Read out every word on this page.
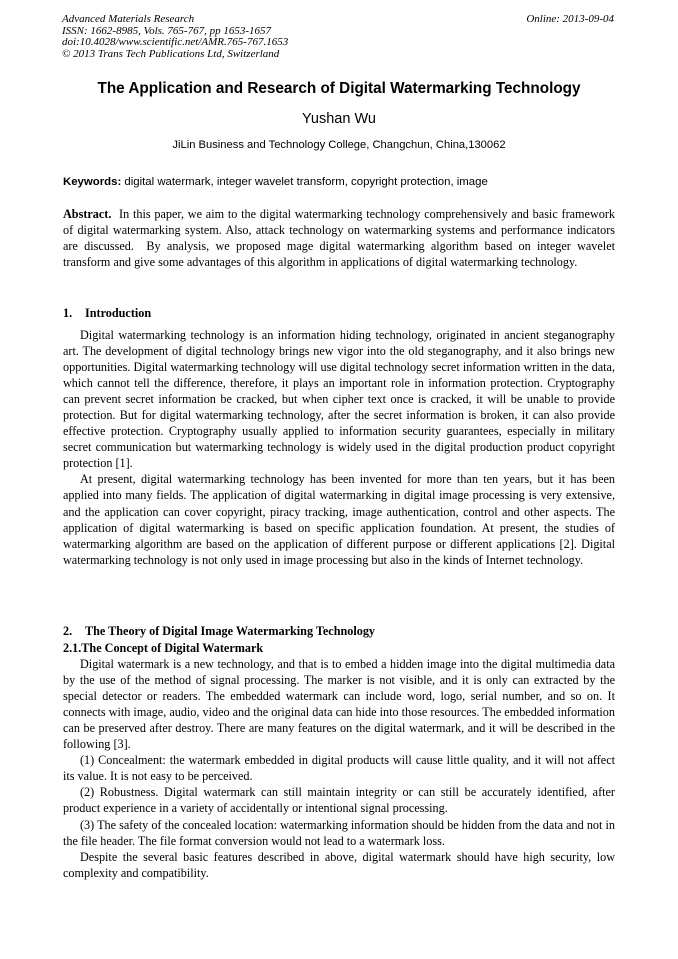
Advanced Materials Research
ISSN: 1662-8985, Vols. 765-767, pp 1653-1657
doi:10.4028/www.scientific.net/AMR.765-767.1653
© 2013 Trans Tech Publications Ltd, Switzerland
Online: 2013-09-04
The Application and Research of Digital Watermarking Technology
Yushan Wu
JiLin Business and Technology College, Changchun, China,130062
Keywords: digital watermark, integer wavelet transform, copyright protection, image

Abstract.  In this paper, we aim to the digital watermarking technology comprehensively and basic framework of digital watermarking system. Also, attack technology on watermarking systems and performance indicators are discussed.  By analysis, we proposed mage digital watermarking algorithm based on integer wavelet transform and give some advantages of this algorithm in applications of digital watermarking technology.

1. Introduction

Digital watermarking technology is an information hiding technology, originated in ancient steganography art. The development of digital technology brings new vigor into the old steganography, and it also brings new opportunities. Digital watermarking technology will use digital technology secret information written in the data, which cannot tell the difference, therefore, it plays an important role in information protection. Cryptography can prevent secret information be cracked, but when cipher text once is cracked, it will be unable to provide protection. But for digital watermarking technology, after the secret information is broken, it can also provide effective protection. Cryptography usually applied to information security guarantees, especially in military secret communication but watermarking technology is widely used in the digital production product copyright protection [1].

At present, digital watermarking technology has been invented for more than ten years, but it has been applied into many fields. The application of digital watermarking in digital image processing is very extensive, and the application can cover copyright, piracy tracking, image authentication, control and other aspects. The application of digital watermarking is based on specific application foundation. At present, the studies of watermarking algorithm are based on the application of different purpose or different applications [2]. Digital watermarking technology is not only used in image processing but also in the kinds of Internet technology.

2. The Theory of Digital Image Watermarking Technology

2.1.The Concept of Digital Watermark

Digital watermark is a new technology, and that is to embed a hidden image into the digital multimedia data by the use of the method of signal processing. The marker is not visible, and it is only can extracted by the special detector or readers. The embedded watermark can include word, logo, serial number, and so on. It connects with image, audio, video and the original data can hide into those resources. The embedded information can be preserved after destroy. There are many features on the digital watermark, and it will be described in the following [3].

(1) Concealment: the watermark embedded in digital products will cause little quality, and it will not affect its value. It is not easy to be perceived.

(2) Robustness. Digital watermark can still maintain integrity or can still be accurately identified, after product experience in a variety of accidentally or intentional signal processing.

(3) The safety of the concealed location: watermarking information should be hidden from the data and not in the file header. The file format conversion would not lead to a watermark loss.

Despite the several basic features described in above, digital watermark should have high security, low complexity and compatibility.
